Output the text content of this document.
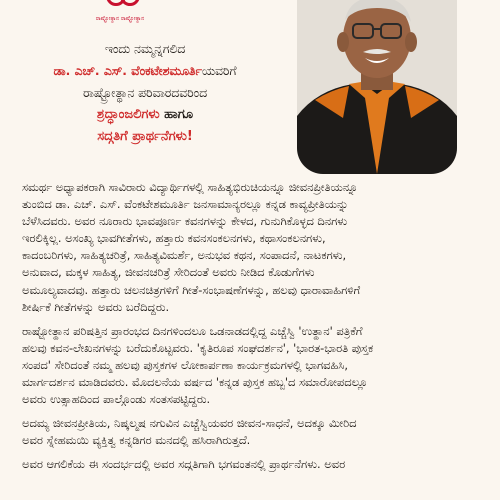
ರಾಷ್ಟ್ರೋತ್ಥಾನ ರಾಷ್ಟ್ರೋತ್ಥಾನ

ಇಂದು ನಮ್ಮನ್ನಗಲಿದ

ಡಾ. ಎಚ್. ಎಸ್. ವೆಂಕಟೇಶಮೂರ್ತಿಯವರಿಗೆ

ರಾಷ್ಟ್ರೋತ್ಥಾನ ಪರಿವಾರದವರಿಂದ

ಶ್ರದ್ಧಾಂಜಲಿಗಳು ಹಾಗೂ

ಸದ್ಗತಿಗೆ ಪ್ರಾರ್ಥನೆಗಳು!

ಸಮರ್ಥ ಅಧ್ಯಾಪಕರಾಗಿ ಸಾವಿರಾರು ವಿದ್ಯಾರ್ಥಿಗಳಲ್ಲಿ ಸಾಹಿತ್ಯಭಿರುಚಿಯನ್ನೂ ಜೀವನಪ್ರೀತಿಯನ್ನೂ
ತುಂಬಿದ ಡಾ. ಎಚ್. ಎಸ್. ವೆಂಕಟೇಶಮೂರ್ತಿ ಜನಸಾಮಾನ್ಯರಲ್ಲೂ ಕನ್ನಡ ಕಾವ್ಯಪ್ರೀತಿಯನ್ನು
ಬೆಳೆಸಿದವರು. ಅವರ ನೂರಾರು ಭಾವಪೂರ್ಣ ಕವನಗಳನ್ನು ಕೇಳದ, ಗುನುಗಿಕೊಳ್ಳದ ದಿನಗಳು
ಇರಲಿಕ್ಕಿಲ್ಲ. ಅಸಂಖ್ಯ ಭಾವಗೀತೆಗಳು, ಹತ್ತಾರು ಕವನಸಂಕಲನಗಳು, ಕಥಾಸಂಕಲನಗಳು,
ಕಾದಂಬರಿಗಳು, ಸಾಹಿತ್ಯಚರಿತ್ರೆ, ಸಾಹಿತ್ಯವಿಮರ್ಶೆ, ಅನುಭವ ಕಥನ, ಸಂಪಾದನೆ, ನಾಟಕಗಳು,
ಅನುವಾದ, ಮಕ್ಕಳ ಸಾಹಿತ್ಯ, ಜೀವನಚರಿತ್ರೆ ಸೇರಿದಂತೆ ಅವರು ನೀಡಿದ ಕೊಡುಗೆಗಳು
ಅಮೂಲ್ಯವಾದವು. ಹತ್ತಾರು ಚಲನಚಿತ್ರಗಳಿಗೆ ಗೀತೆ-ಸಂಭಾಷಣೆಗಳನ್ನು, ಹಲವು ಧಾರಾವಾಹಿಗಳಿಗೆ
ಶೀರ್ಷಿಕೆ ಗೀತೆಗಳನ್ನು ಅವರು ಬರೆದಿದ್ದರು.

ರಾಷ್ಟ್ರೋತ್ಥಾನ ಪರಿಷತ್ತಿನ ಪ್ರಾರಂಭದ ದಿನಗಳಿಂದಲೂ ಒಡನಾಡದಲ್ಲಿದ್ದ ಎಚ್ಚೆಸ್ವಿ 'ಉತ್ಥಾನ' ಪತ್ರಿಕೆಗೆ
ಹಲವು ಕವನ-ಲೇಖನಗಳನ್ನು ಬರೆದುಕೊಟ್ಟವರು. 'ಕೃತಿರೂಪ ಸಂಘದರ್ಶನ', 'ಭಾರತ-ಭಾರತಿ ಪುಸ್ತಕ
ಸಂಪದ' ಸೇರಿದಂತೆ ನಮ್ಮ ಹಲವು ಪುಸ್ತಕಗಳ ಲೋಕಾರ್ಪಣಾ ಕಾರ್ಯಕ್ರಮಗಳಲ್ಲಿ ಭಾಗವಹಿಸಿ,
ಮಾರ್ಗದರ್ಶನ ಮಾಡಿದವರು. ಮೊದಲನೆಯ ವರ್ಷದ 'ಕನ್ನಡ ಪುಸ್ತಕ ಹಬ್ಬ'ದ ಸಮಾರೋಪದಲ್ಲೂ
ಅವರು ಉತ್ಸಾಹದಿಂದ ಪಾಲ್ಗೊಂಡು ಸಂತಸಪಟ್ಟಿದ್ದರು.

ಅದಮ್ಯ ಜೀವನಪ್ರೀತಿಯ, ನಿಷ್ಕಲ್ಮಷ ನಗುವಿನ ಎಚ್ಚೆಸ್ವಿಯವರ ಜೀವನ-ಸಾಧನೆ, ಅದಕ್ಕೂ ಮೀರಿದ
ಅವರ ಸ್ನೇಹಮಯಿ ವ್ಯಕ್ತಿತ್ವ ಕನ್ನಡಿಗರ ಮನದಲ್ಲಿ ಹಸಿರಾಗಿರುತ್ತದೆ.

ಅವರ ಆಗಲಿಕೆಯ ಈ ಸಂದರ್ಭದಲ್ಲಿ ಅವರ ಸದ್ಗತಿಗಾಗಿ ಭಗವಂತನಲ್ಲಿ ಪ್ರಾರ್ಥನೆಗಳು. ಅವರ
